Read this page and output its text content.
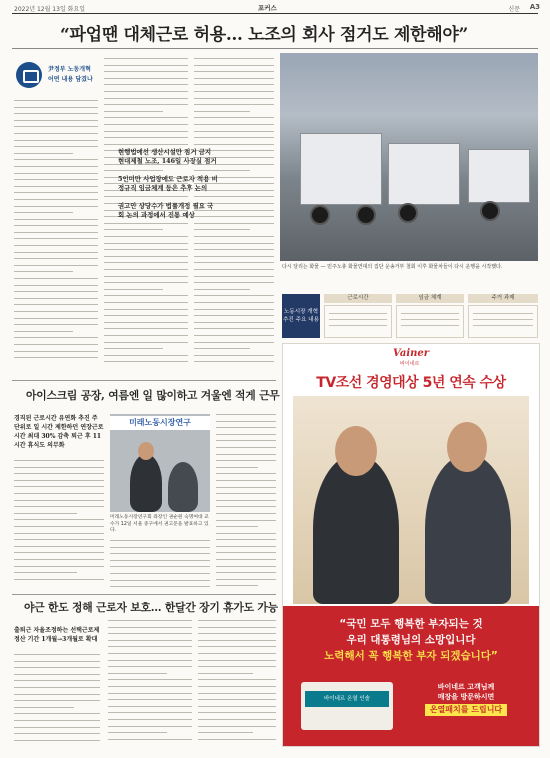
2022년 12월 13일 화요일	포커스	신문 A3
“파업땐 대체근로 허용… 노조의 회사 점거도 제한해야”
尹정부 노동개혁
어떤 내용 담겼나
현행법에선 생산시설만 점거 금지 현대제철 노조, 146일 사장실 점거
5인미만 사업장에도 근로자 적용 비정규직 임금체계 등은 추후 논의
권고안 상당수가 법률개정 필요 국회 논의 과정에서 진통 예상
다시 달리는 화물 — 민주노총 화물연대의 집단 운송거부 철회 이후 화물차들이 다시 운행을 시작했다.
노동시장 개혁 추진 주요 내용
근로시간	임금 체계	주거 과제
아이스크림 공장, 여름엔 일 많이하고 겨울엔 적게 근무
경직된 근로시간 유연화 추진 주 단위로 일 시간 제한하던 연장근로시간 최대 30% 감축 퇴근 후 11시간 휴식도 의무화
미래노동시장연구
미래노동시장연구회 좌장인 권순원 숙명여대 교수가 12일 서울 중구에서 권고문을 발표하고 있다.
야근 한도 정해 근로자 보호… 한달간 장기 휴가도 가능
출퇴근 자율조정하는 선택근로제 정산 기간 1개월→3개월로 확대
Vainer
바이네르
TV조선 경영대상 5년 연속 수상
“국민 모두 행복한 부자되는 것
우리 대통령님의 소망입니다
노력해서 꼭 행복한 부자 되겠습니다”
바이네르 온열 인솔
바이네르 고객님께
매장을 방문하시면
온열패치를 드립니다
